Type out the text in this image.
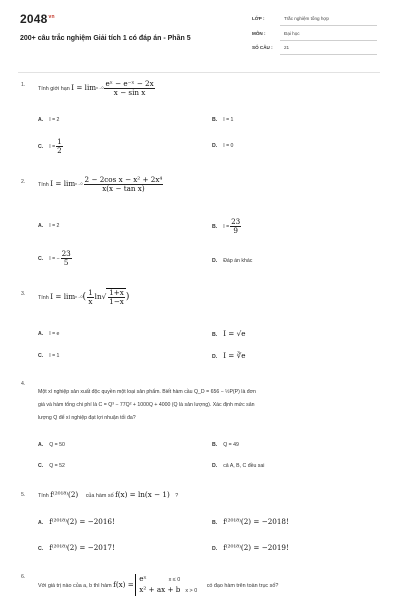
$2048^{vn}$
200+ câu trắc nghiệm Giải tích 1 có đáp án - Phần 5
LỚP :	Trắc nghiệm tổng hợp
MÔN :	Đại học
SỐ CÂU : 21
1.
Tính giới hạn $I = \lim x\to 0 \frac{\text{eˣ − e⁻ˣ − 2x}}{\text{x − sin x}}$
A. I = 2	B. I = 1
C. $I = \frac{1}{2}$	D. I = 0
2. Tính $I = \lim x\to 0 \frac{\text{2 − 2cos x − x² + 2x⁴}}{\text{x(x − tan x)}}$
A. I = 2	B. $I = \frac{23}{9}$
C. I = − $\frac{23}{5}$	D. Đáp án khác
3.
Tính I = lim x→0 ( $\frac{1}{x} \ln√ \frac{1+x}{1-x}$ )
A. I = e	B. I = √e
C. I = 1	D. I = ∛e
4.
Một xí nghiệp sản xuất độc quyền một loại sản phẩm. Biết hàm cầu Q_D = 656 − ½P(P) là đơn
giá và hàm tổng chi phí là C = Q³ − 77Q² + 1000Q + 4000 (Q là sản lượng). Xác định mức sản
lượng Q để xí nghiệp đạt lợi nhuận tối đa?
A. Q = 50	B. Q = 49
C. Q = 52	D. cả A, B, C đều sai
5. Tính f⁽²⁰¹⁸⁾(2) của hàm số f(x) = ln(x − 1) ?
A. f⁽²⁰¹⁸⁾(2) = −2016!	B. f⁽²⁰¹⁸⁾(2) = −2018!
C. f⁽²⁰¹⁸⁾(2) = −2017!	D. f⁽²⁰¹⁸⁾(2) = −2019!
6.
Với giá trị nào của a, b thì hàm f(x) =
eˣ	x ≤ 0
x² + ax + b x > 0
có đạo hàm trên toàn trục số?
